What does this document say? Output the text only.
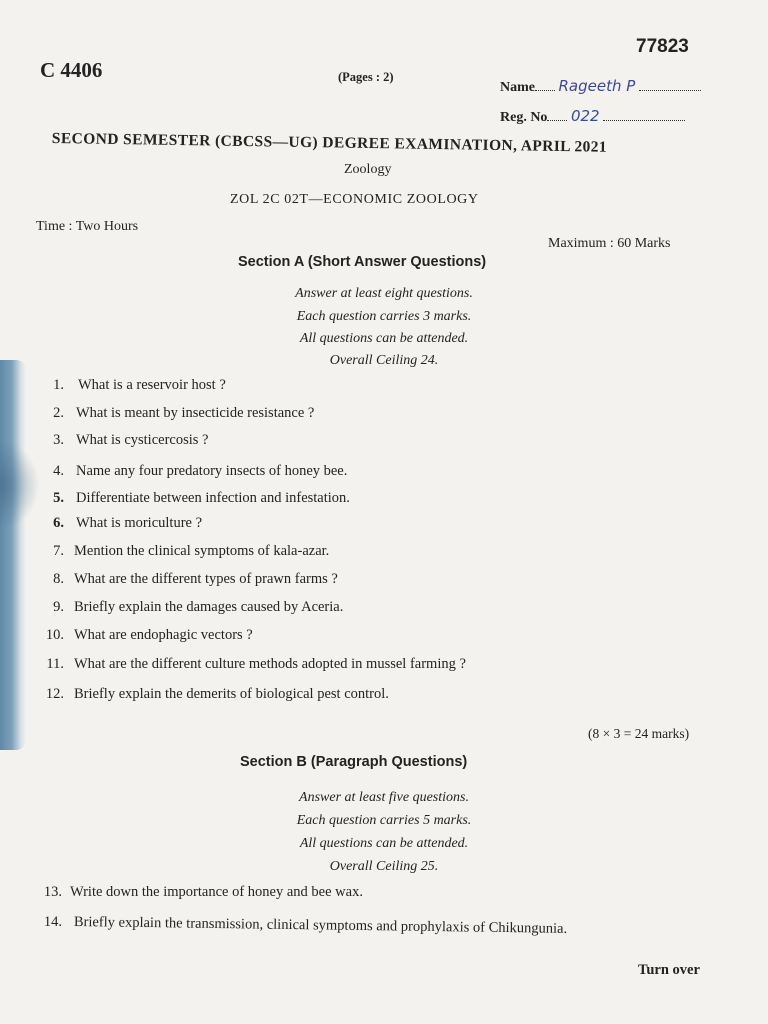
77823
C 4406	(Pages : 2)
Name Rageeth P
Reg. No 022
SECOND SEMESTER (CBCSS—UG) DEGREE EXAMINATION, APRIL 2021
Zoology
ZOL 2C 02T—ECONOMIC ZOOLOGY
Time : Two Hours
Maximum : 60 Marks
Section A (Short Answer Questions)
Answer at least eight questions.
Each question carries 3 marks.
All questions can be attended.
Overall Ceiling 24.
1. What is a reservoir host ?
2. What is meant by insecticide resistance ?
3. What is cysticercosis ?
4. Name any four predatory insects of honey bee.
5. Differentiate between infection and infestation.
6. What is moriculture ?
7. Mention the clinical symptoms of kala-azar.
8. What are the different types of prawn farms ?
9. Briefly explain the damages caused by Aceria.
10. What are endophagic vectors ?
11. What are the different culture methods adopted in mussel farming ?
12. Briefly explain the demerits of biological pest control.
(8 × 3 = 24 marks)
Section B (Paragraph Questions)
Answer at least five questions.
Each question carries 5 marks.
All questions can be attended.
Overall Ceiling 25.
13. Write down the importance of honey and bee wax.
14. Briefly explain the transmission, clinical symptoms and prophylaxis of Chikungunia.
Turn over
